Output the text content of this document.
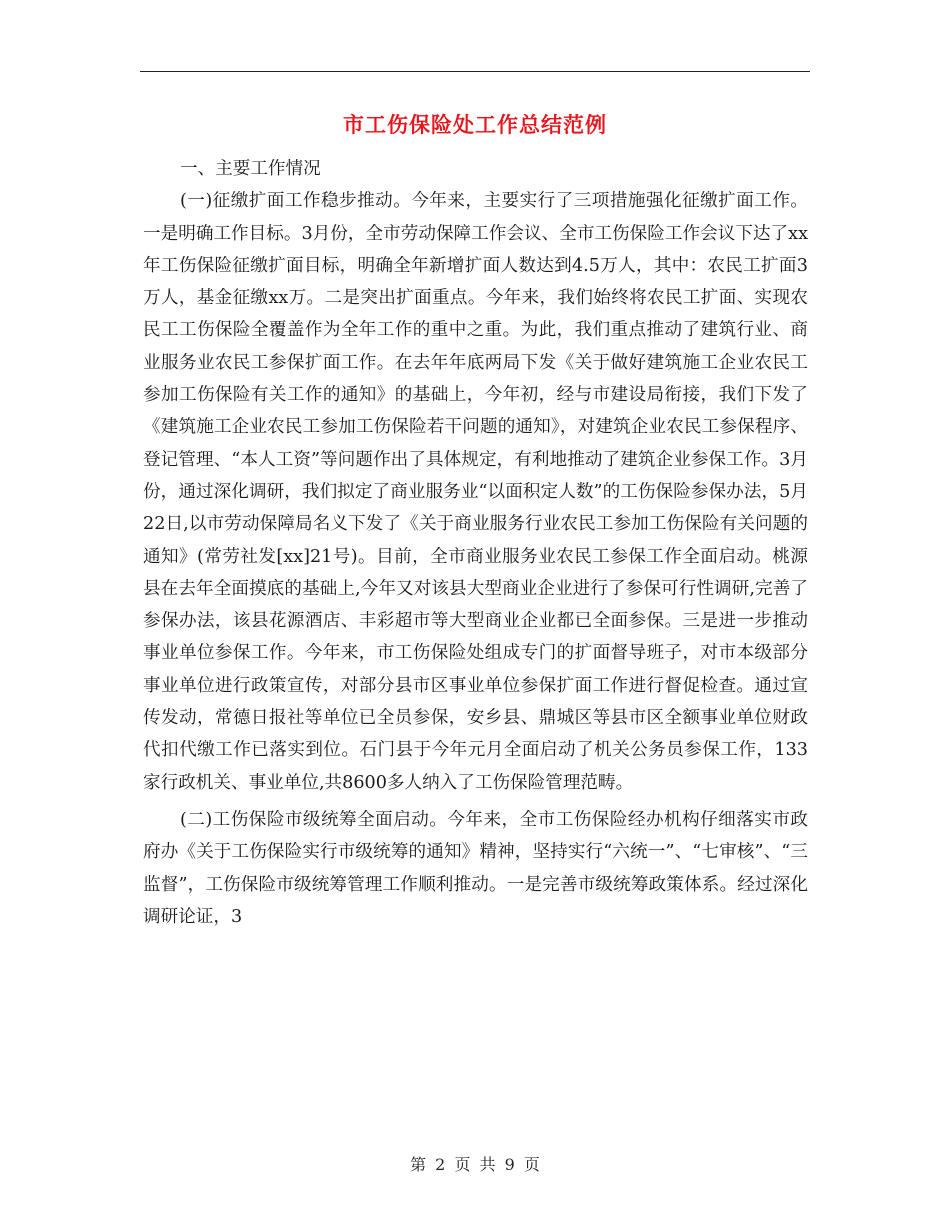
市工伤保险处工作总结范例

一、主要工作情况

(一)征缴扩面工作稳步推动。今年来，主要实行了三项措施强化征缴扩面工作。一是明确工作目标。3月份，全市劳动保障工作会议、全市工伤保险工作会议下达了xx年工伤保险征缴扩面目标，明确全年新增扩面人数达到4.5万人，其中：农民工扩面3万人，基金征缴xx万。二是突出扩面重点。今年来，我们始终将农民工扩面、实现农民工工伤保险全覆盖作为全年工作的重中之重。为此，我们重点推动了建筑行业、商业服务业农民工参保扩面工作。在去年年底两局下发《关于做好建筑施工企业农民工参加工伤保险有关工作的通知》的基础上，今年初，经与市建设局衔接，我们下发了《建筑施工企业农民工参加工伤保险若干问题的通知》，对建筑企业农民工参保程序、登记管理、“本人工资”等问题作出了具体规定，有利地推动了建筑企业参保工作。3月份，通过深化调研，我们拟定了商业服务业“以面积定人数”的工伤保险参保办法，5月22日,以市劳动保障局名义下发了《关于商业服务行业农民工参加工伤保险有关问题的通知》(常劳社发[xx]21号)。目前，全市商业服务业农民工参保工作全面启动。桃源县在去年全面摸底的基础上,今年又对该县大型商业企业进行了参保可行性调研,完善了参保办法，该县花源酒店、丰彩超市等大型商业企业都已全面参保。三是进一步推动事业单位参保工作。今年来，市工伤保险处组成专门的扩面督导班子，对市本级部分事业单位进行政策宣传，对部分县市区事业单位参保扩面工作进行督促检查。通过宣传发动，常德日报社等单位已全员参保，安乡县、鼎城区等县市区全额事业单位财政代扣代缴工作已落实到位。石门县于今年元月全面启动了机关公务员参保工作，133家行政机关、事业单位,共8600多人纳入了工伤保险管理范畴。

(二)工伤保险市级统筹全面启动。今年来，全市工伤保险经办机构仔细落实市政府办《关于工伤保险实行市级统筹的通知》精神，坚持实行“六统一”、“七审核”、“三监督”，工伤保险市级统筹管理工作顺利推动。一是完善市级统筹政策体系。经过深化调研论证，3

第 2 页 共 9 页
